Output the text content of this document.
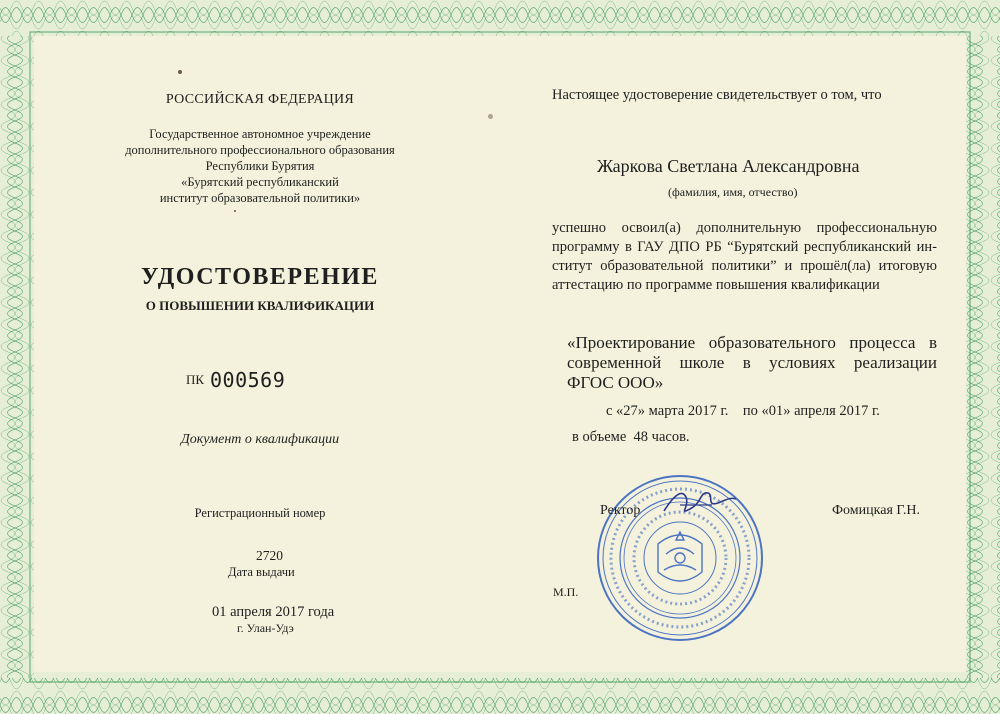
РОССИЙСКАЯ ФЕДЕРАЦИЯ
Государственное автономное учреждение
дополнительного профессионального образования
Республики Бурятия
«Бурятский республиканский
институт образовательной политики»
УДОСТОВЕРЕНИЕ
О ПОВЫШЕНИИ КВАЛИФИКАЦИИ
ПК 000569
Документ о квалификации
Регистрационный номер
2720
Дата выдачи
01 апреля 2017 года
г. Улан-Удэ
Настоящее удостоверение свидетельствует о том, что
Жаркова Светлана Александровна
(фамилия, имя, отчество)
успешно освоил(а) дополнительную профессиональную
программу в ГАУ ДПО РБ “Бурятский республиканский ин-
ститут образовательной политики” и прошёл(ла) итоговую
аттестацию по программе повышения квалификации
«Проектирование образовательного процесса в
современной школе в условиях реализации
ФГОС ООО»
с «27» марта 2017 г.    по «01» апреля 2017 г.
в объеме  48 часов.
Ректор	Фомицкая Г.Н.
М.П.
